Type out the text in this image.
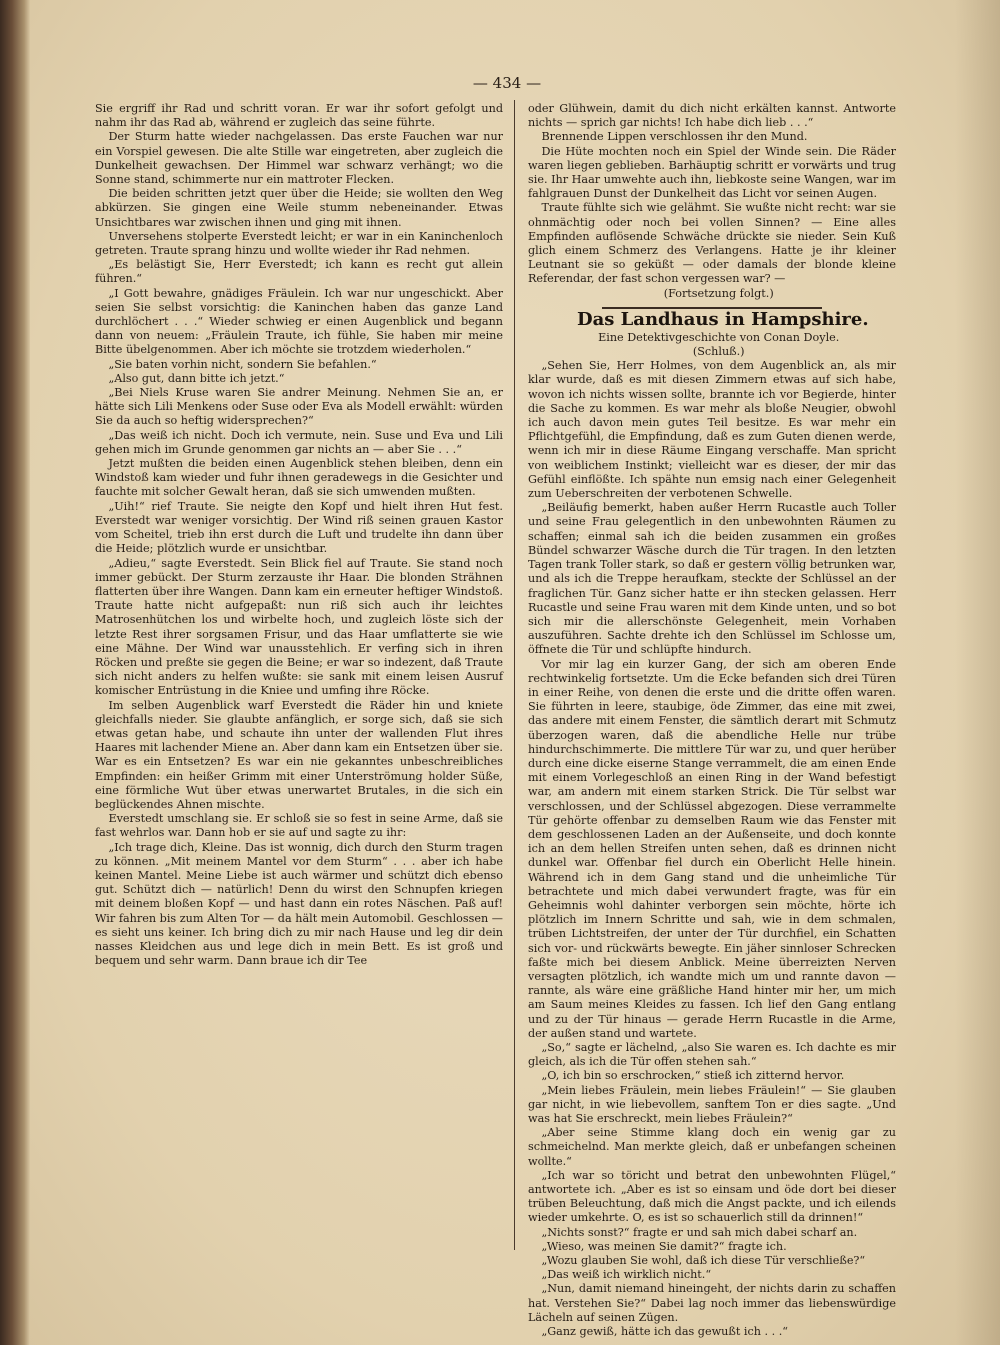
— 434 —

Sie ergriff ihr Rad und schritt voran. Er war ihr sofort gefolgt und nahm ihr das Rad ab, während er zugleich das seine führte.

Der Sturm hatte wieder nachgelassen. Das erste Fauchen war nur ein Vorspiel gewesen. Die alte Stille war eingetreten, aber zugleich die Dunkelheit gewachsen. Der Himmel war schwarz verhängt; wo die Sonne stand, schimmerte nur ein mattroter Flecken.

Die beiden schritten jetzt quer über die Heide; sie wollten den Weg abkürzen. Sie gingen eine Weile stumm nebeneinander. Etwas Unsichtbares war zwischen ihnen und ging mit ihnen.

Unversehens stolperte Everstedt leicht; er war in ein Kaninchenloch getreten. Traute sprang hinzu und wollte wieder ihr Rad nehmen.

„Es belästigt Sie, Herr Everstedt; ich kann es recht gut allein führen.“

„I Gott bewahre, gnädiges Fräulein. Ich war nur ungeschickt. Aber seien Sie selbst vorsichtig: die Kaninchen haben das ganze Land durchlöchert . . .“ Wieder schwieg er einen Augenblick und begann dann von neuem: „Fräulein Traute, ich fühle, Sie haben mir meine Bitte übelgenommen. Aber ich möchte sie trotzdem wiederholen.“

„Sie baten vorhin nicht, sondern Sie befahlen.“

„Also gut, dann bitte ich jetzt.“

„Bei Niels Kruse waren Sie andrer Meinung. Nehmen Sie an, er hätte sich Lili Menkens oder Suse oder Eva als Modell erwählt: würden Sie da auch so heftig widersprechen?“

„Das weiß ich nicht. Doch ich vermute, nein. Suse und Eva und Lili gehen mich im Grunde genommen gar nichts an — aber Sie . . .“

Jetzt mußten die beiden einen Augenblick stehen bleiben, denn ein Windstoß kam wieder und fuhr ihnen geradewegs in die Gesichter und fauchte mit solcher Gewalt heran, daß sie sich umwenden mußten.

„Uih!“ rief Traute. Sie neigte den Kopf und hielt ihren Hut fest. Everstedt war weniger vorsichtig. Der Wind riß seinen grauen Kastor vom Scheitel, trieb ihn erst durch die Luft und trudelte ihn dann über die Heide; plötzlich wurde er unsichtbar.

„Adieu,“ sagte Everstedt. Sein Blick fiel auf Traute. Sie stand noch immer gebückt. Der Sturm zerzauste ihr Haar. Die blonden Strähnen flatterten über ihre Wangen. Dann kam ein erneuter heftiger Windstoß. Traute hatte nicht aufgepaßt: nun riß sich auch ihr leichtes Matrosenhütchen los und wirbelte hoch, und zugleich löste sich der letzte Rest ihrer sorgsamen Frisur, und das Haar umflatterte sie wie eine Mähne. Der Wind war unausstehlich. Er verfing sich in ihren Röcken und preßte sie gegen die Beine; er war so indezent, daß Traute sich nicht anders zu helfen wußte: sie sank mit einem leisen Ausruf komischer Entrüstung in die Kniee und umfing ihre Röcke.

Im selben Augenblick warf Everstedt die Räder hin und kniete gleichfalls nieder. Sie glaubte anfänglich, er sorge sich, daß sie sich etwas getan habe, und schaute ihn unter der wallenden Flut ihres Haares mit lachender Miene an. Aber dann kam ein Entsetzen über sie. War es ein Entsetzen? Es war ein nie gekanntes unbeschreibliches Empfinden: ein heißer Grimm mit einer Unterströmung holder Süße, eine förmliche Wut über etwas unerwartet Brutales, in die sich ein beglückendes Ahnen mischte.

Everstedt umschlang sie. Er schloß sie so fest in seine Arme, daß sie fast wehrlos war. Dann hob er sie auf und sagte zu ihr:

„Ich trage dich, Kleine. Das ist wonnig, dich durch den Sturm tragen zu können. „Mit meinem Mantel vor dem Sturm“ . . . aber ich habe keinen Mantel. Meine Liebe ist auch wärmer und schützt dich ebenso gut. Schützt dich — natürlich! Denn du wirst den Schnupfen kriegen mit deinem bloßen Kopf — und hast dann ein rotes Näschen. Paß auf! Wir fahren bis zum Alten Tor — da hält mein Automobil. Geschlossen — es sieht uns keiner. Ich bring dich zu mir nach Hause und leg dir dein nasses Kleidchen aus und lege dich in mein Bett. Es ist groß und bequem und sehr warm. Dann braue ich dir Tee

oder Glühwein, damit du dich nicht erkälten kannst. Antworte nichts — sprich gar nichts! Ich habe dich lieb . . .“

Brennende Lippen verschlossen ihr den Mund.

Die Hüte mochten noch ein Spiel der Winde sein. Die Räder waren liegen geblieben. Barhäuptig schritt er vorwärts und trug sie. Ihr Haar umwehte auch ihn, liebkoste seine Wangen, war im fahlgrauen Dunst der Dunkelheit das Licht vor seinen Augen.

Traute fühlte sich wie gelähmt. Sie wußte nicht recht: war sie ohnmächtig oder noch bei vollen Sinnen? — Eine alles Empfinden auflösende Schwäche drückte sie nieder. Sein Kuß glich einem Schmerz des Verlangens. Hatte je ihr kleiner Leutnant sie so geküßt — oder damals der blonde kleine Referendar, der fast schon vergessen war? —

(Fortsetzung folgt.)

Das Landhaus in Hampshire.

Eine Detektivgeschichte von Conan Doyle.

(Schluß.)

„Sehen Sie, Herr Holmes, von dem Augenblick an, als mir klar wurde, daß es mit diesen Zimmern etwas auf sich habe, wovon ich nichts wissen sollte, brannte ich vor Begierde, hinter die Sache zu kommen. Es war mehr als bloße Neugier, obwohl ich auch davon mein gutes Teil besitze. Es war mehr ein Pflichtgefühl, die Empfindung, daß es zum Guten dienen werde, wenn ich mir in diese Räume Eingang verschaffe. Man spricht von weiblichem Instinkt; vielleicht war es dieser, der mir das Gefühl einflößte. Ich spähte nun emsig nach einer Gelegenheit zum Ueberschreiten der verbotenen Schwelle.

„Beiläufig bemerkt, haben außer Herrn Rucastle auch Toller und seine Frau gelegentlich in den unbewohnten Räumen zu schaffen; einmal sah ich die beiden zusammen ein großes Bündel schwarzer Wäsche durch die Tür tragen. In den letzten Tagen trank Toller stark, so daß er gestern völlig betrunken war, und als ich die Treppe heraufkam, steckte der Schlüssel an der fraglichen Tür. Ganz sicher hatte er ihn stecken gelassen. Herr Rucastle und seine Frau waren mit dem Kinde unten, und so bot sich mir die allerschönste Gelegenheit, mein Vorhaben auszuführen. Sachte drehte ich den Schlüssel im Schlosse um, öffnete die Tür und schlüpfte hindurch.

Vor mir lag ein kurzer Gang, der sich am oberen Ende rechtwinkelig fortsetzte. Um die Ecke befanden sich drei Türen in einer Reihe, von denen die erste und die dritte offen waren. Sie führten in leere, staubige, öde Zimmer, das eine mit zwei, das andere mit einem Fenster, die sämtlich derart mit Schmutz überzogen waren, daß die abendliche Helle nur trübe hindurchschimmerte. Die mittlere Tür war zu, und quer herüber durch eine dicke eiserne Stange verrammelt, die am einen Ende mit einem Vorlegeschloß an einen Ring in der Wand befestigt war, am andern mit einem starken Strick. Die Tür selbst war verschlossen, und der Schlüssel abgezogen. Diese verrammelte Tür gehörte offenbar zu demselben Raum wie das Fenster mit dem geschlossenen Laden an der Außenseite, und doch konnte ich an dem hellen Streifen unten sehen, daß es drinnen nicht dunkel war. Offenbar fiel durch ein Oberlicht Helle hinein. Während ich in dem Gang stand und die unheimliche Tür betrachtete und mich dabei verwundert fragte, was für ein Geheimnis wohl dahinter verborgen sein möchte, hörte ich plötzlich im Innern Schritte und sah, wie in dem schmalen, trüben Lichtstreifen, der unter der Tür durchfiel, ein Schatten sich vor- und rückwärts bewegte. Ein jäher sinnloser Schrecken faßte mich bei diesem Anblick. Meine überreizten Nerven versagten plötzlich, ich wandte mich um und rannte davon — rannte, als wäre eine gräßliche Hand hinter mir her, um mich am Saum meines Kleides zu fassen. Ich lief den Gang entlang und zu der Tür hinaus — gerade Herrn Rucastle in die Arme, der außen stand und wartete.

„So,“ sagte er lächelnd, „also Sie waren es. Ich dachte es mir gleich, als ich die Tür offen stehen sah.“

„O, ich bin so erschrocken,“ stieß ich zitternd hervor.

„Mein liebes Fräulein, mein liebes Fräulein!“ — Sie glauben gar nicht, in wie liebevollem, sanftem Ton er dies sagte. „Und was hat Sie erschreckt, mein liebes Fräulein?“

„Aber seine Stimme klang doch ein wenig gar zu schmeichelnd. Man merkte gleich, daß er unbefangen scheinen wollte.“

„Ich war so töricht und betrat den unbewohnten Flügel,“ antwortete ich. „Aber es ist so einsam und öde dort bei dieser trüben Beleuchtung, daß mich die Angst packte, und ich eilends wieder umkehrte. O, es ist so schauerlich still da drinnen!“

„Nichts sonst?“ fragte er und sah mich dabei scharf an.

„Wieso, was meinen Sie damit?“ fragte ich.

„Wozu glauben Sie wohl, daß ich diese Tür verschließe?“

„Das weiß ich wirklich nicht.“

„Nun, damit niemand hineingeht, der nichts darin zu schaffen hat. Verstehen Sie?“ Dabei lag noch immer das liebenswürdige Lächeln auf seinen Zügen.

„Ganz gewiß, hätte ich das gewußt ich . . .“
